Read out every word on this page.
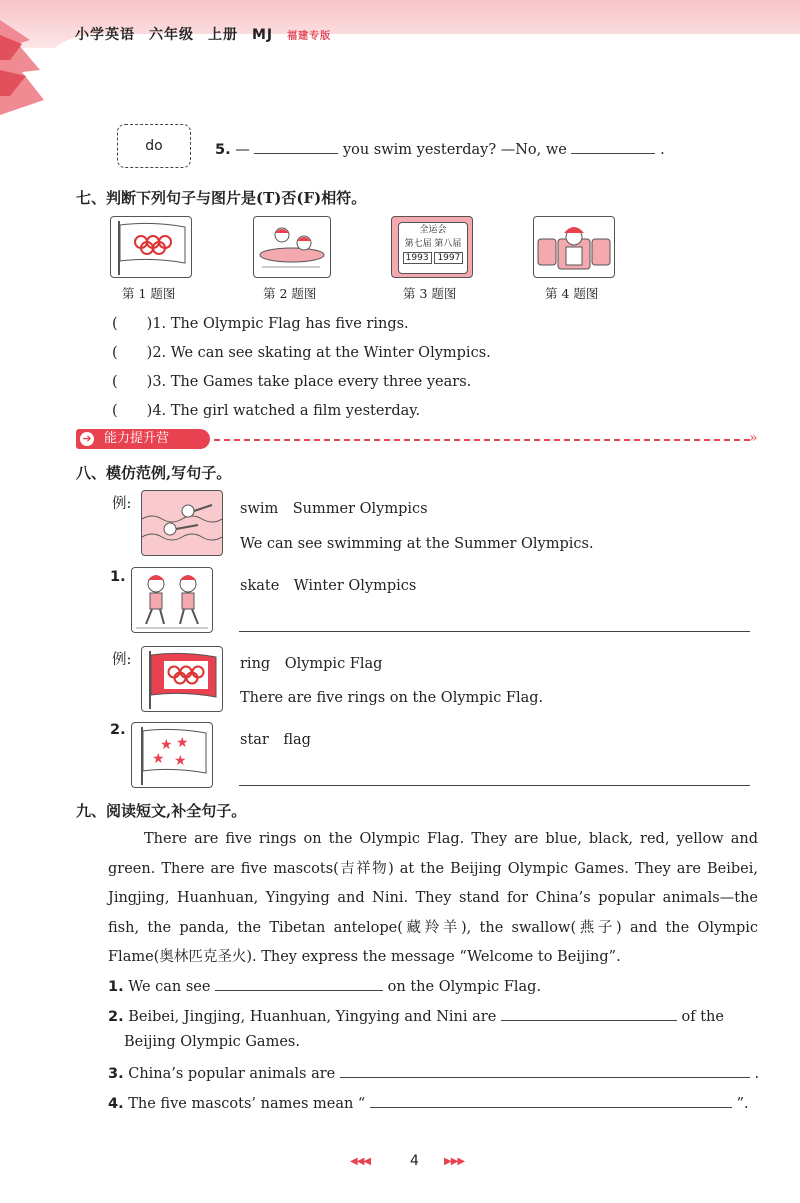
小学英语 六年级 上册 MJ 福建专版
do	5. —	you swim yesterday? —No, we	.
七、判断下列句子与图片是(T)否(F)相符。
全运会
第七届 第八届
1993 1997
第 1 题图	第 2 题图	第 3 题图	第 4 题图
(　　)1. The Olympic Flag has five rings.
(　　)2. We can see skating at the Winter Olympics.
(　　)3. The Games take place every three years.
(　　)4. The girl watched a film yesterday.
能力提升营
➔	»
八、模仿范例,写句子。
例:	swim　Summer Olympics
We can see swimming at the Summer Olympics.
1.
skate　Winter Olympics
例:	ring　Olympic Flag
There are five rings on the Olympic Flag.
2.
★ ★
★ ★
star　flag
九、阅读短文,补全句子。
There are five rings on the Olympic Flag. They are blue, black, red, yellow and green. There are five mascots(吉祥物) at the Beijing Olympic Games. They are Beibei, Jingjing, Huanhuan, Yingying and Nini. They stand for China’s popular animals—the fish, the panda, the Tibetan antelope(藏羚羊), the swallow(燕子) and the Olympic Flame(奥林匹克圣火). They express the message “Welcome to Beijing”.
1. We can see	on the Olympic Flag.
2. Beibei, Jingjing, Huanhuan, Yingying and Nini are	of the
Beijing Olympic Games.
3. China’s popular animals are	.
4. The five mascots’ names mean “	”.
◀◀◀	4	▶▶▶
